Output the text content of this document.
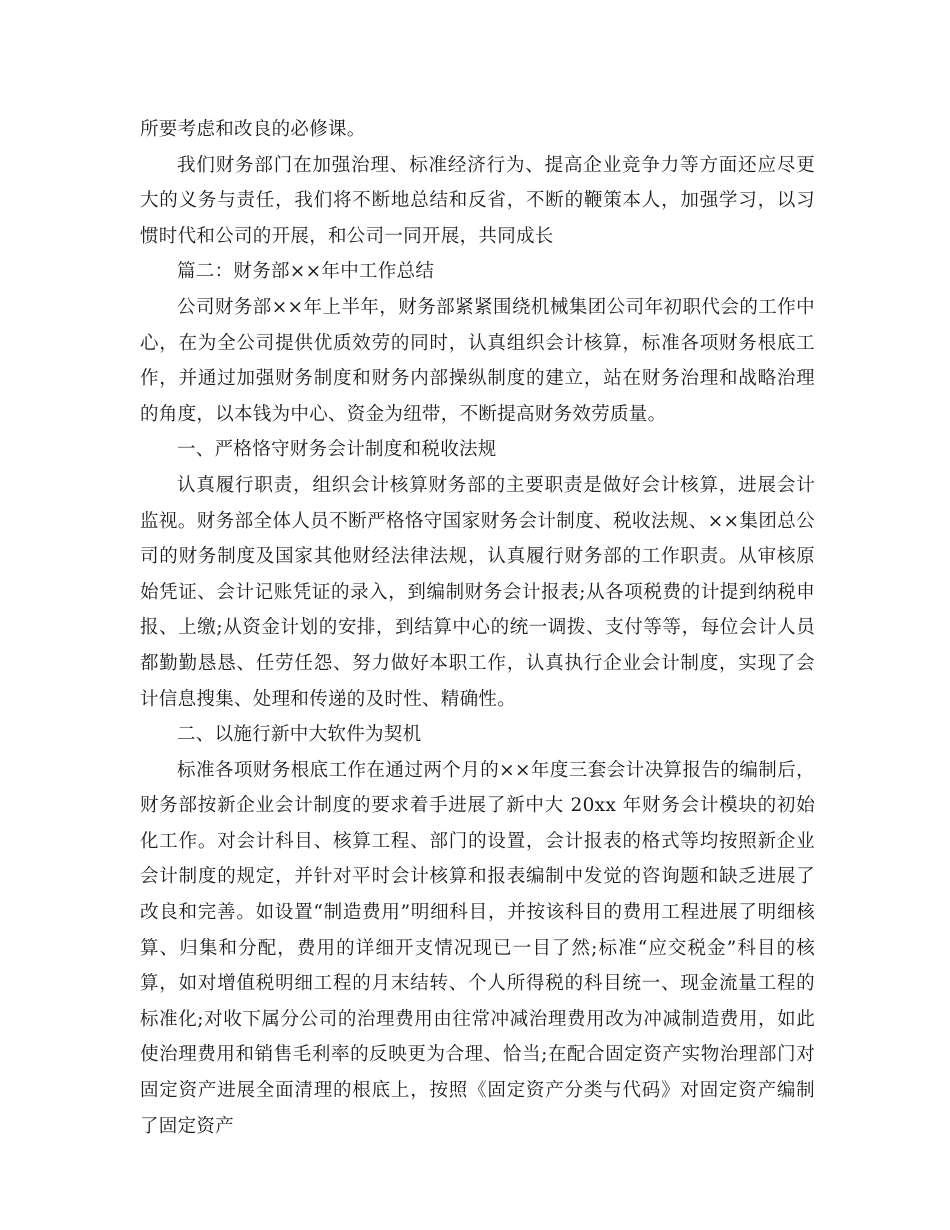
所要考虑和改良的必修课。

我们财务部门在加强治理、标准经济行为、提高企业竞争力等方面还应尽更大的义务与责任，我们将不断地总结和反省，不断的鞭策本人，加强学习，以习惯时代和公司的开展，和公司一同开展，共同成长

篇二：财务部××年中工作总结

公司财务部××年上半年，财务部紧紧围绕机械集团公司年初职代会的工作中心，在为全公司提供优质效劳的同时，认真组织会计核算，标准各项财务根底工作，并通过加强财务制度和财务内部操纵制度的建立，站在财务治理和战略治理的角度，以本钱为中心、资金为纽带，不断提高财务效劳质量。

一、严格恪守财务会计制度和税收法规

认真履行职责，组织会计核算财务部的主要职责是做好会计核算，进展会计监视。财务部全体人员不断严格恪守国家财务会计制度、税收法规、××集团总公司的财务制度及国家其他财经法律法规，认真履行财务部的工作职责。从审核原始凭证、会计记账凭证的录入，到编制财务会计报表;从各项税费的计提到纳税申报、上缴;从资金计划的安排，到结算中心的统一调拨、支付等等，每位会计人员都勤勤恳恳、任劳任怨、努力做好本职工作，认真执行企业会计制度，实现了会计信息搜集、处理和传递的及时性、精确性。

二、以施行新中大软件为契机

标准各项财务根底工作在通过两个月的××年度三套会计决算报告的编制后，财务部按新企业会计制度的要求着手进展了新中大 20xx 年财务会计模块的初始化工作。对会计科目、核算工程、部门的设置，会计报表的格式等均按照新企业会计制度的规定，并针对平时会计核算和报表编制中发觉的咨询题和缺乏进展了改良和完善。如设置“制造费用”明细科目，并按该科目的费用工程进展了明细核算、归集和分配，费用的详细开支情况现已一目了然;标准“应交税金”科目的核算，如对增值税明细工程的月末结转、个人所得税的科目统一、现金流量工程的标准化;对收下属分公司的治理费用由往常冲减治理费用改为冲减制造费用，如此使治理费用和销售毛利率的反映更为合理、恰当;在配合固定资产实物治理部门对固定资产进展全面清理的根底上，按照《固定资产分类与代码》对固定资产编制了固定资产
